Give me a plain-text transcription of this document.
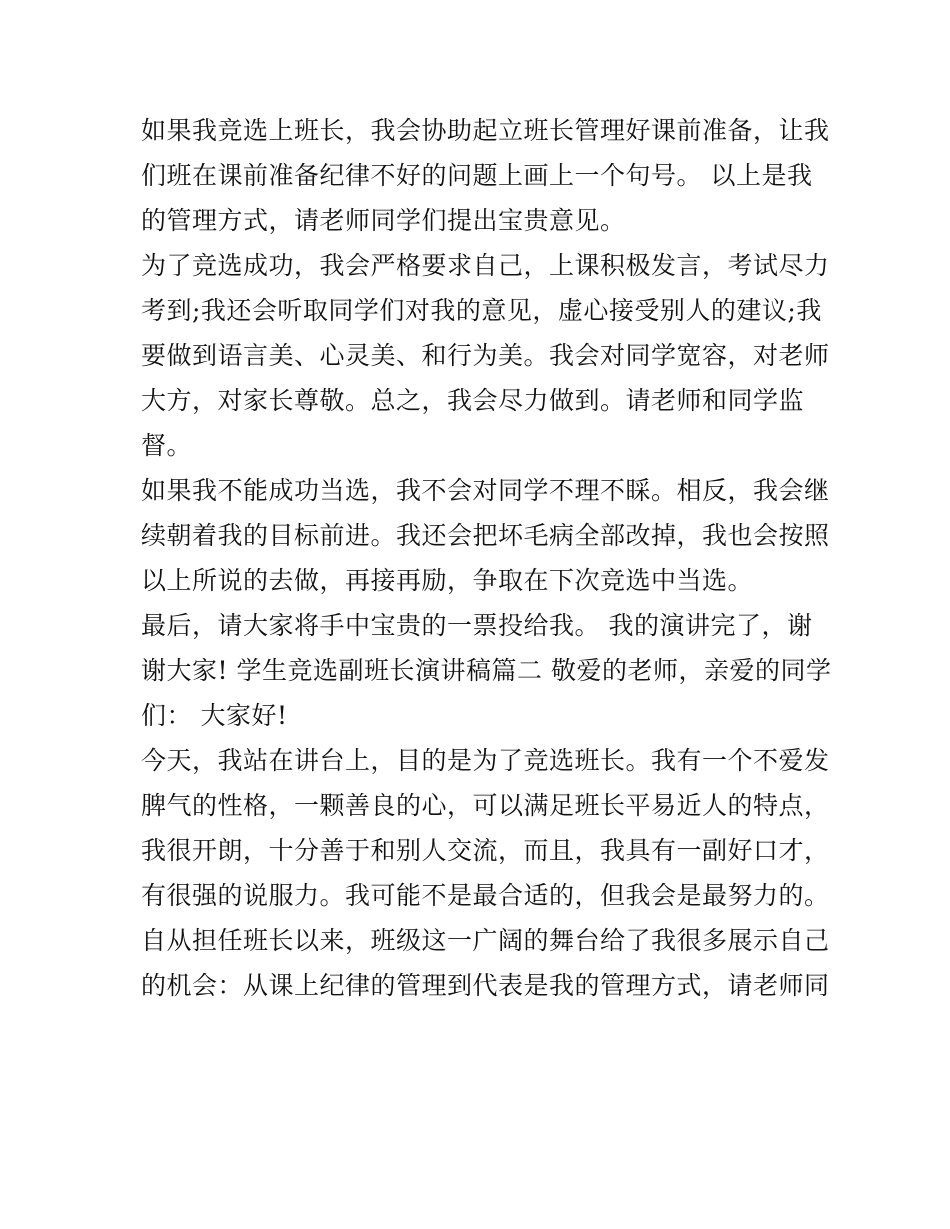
如果我竞选上班长，我会协助起立班长管理好课前准备，让我
们班在课前准备纪律不好的问题上画上一个句号。 以上是我
的管理方式，请老师同学们提出宝贵意见。
为了竞选成功，我会严格要求自己，上课积极发言，考试尽力
考到;我还会听取同学们对我的意见，虚心接受别人的建议;我
要做到语言美、心灵美、和行为美。我会对同学宽容，对老师
大方，对家长尊敬。总之，我会尽力做到。请老师和同学监
督。
如果我不能成功当选，我不会对同学不理不睬。相反，我会继
续朝着我的目标前进。我还会把坏毛病全部改掉，我也会按照
以上所说的去做，再接再励，争取在下次竞选中当选。
最后，请大家将手中宝贵的一票投给我。 我的演讲完了，谢
谢大家! 学生竞选副班长演讲稿篇二 敬爱的老师，亲爱的同学
们： 大家好!
今天，我站在讲台上，目的是为了竞选班长。我有一个不爱发
脾气的性格，一颗善良的心，可以满足班长平易近人的特点，
我很开朗，十分善于和别人交流，而且，我具有一副好口才，
有很强的说服力。我可能不是最合适的，但我会是最努力的。
自从担任班长以来，班级这一广阔的舞台给了我很多展示自己
的机会：从课上纪律的管理到代表是我的管理方式，请老师同
